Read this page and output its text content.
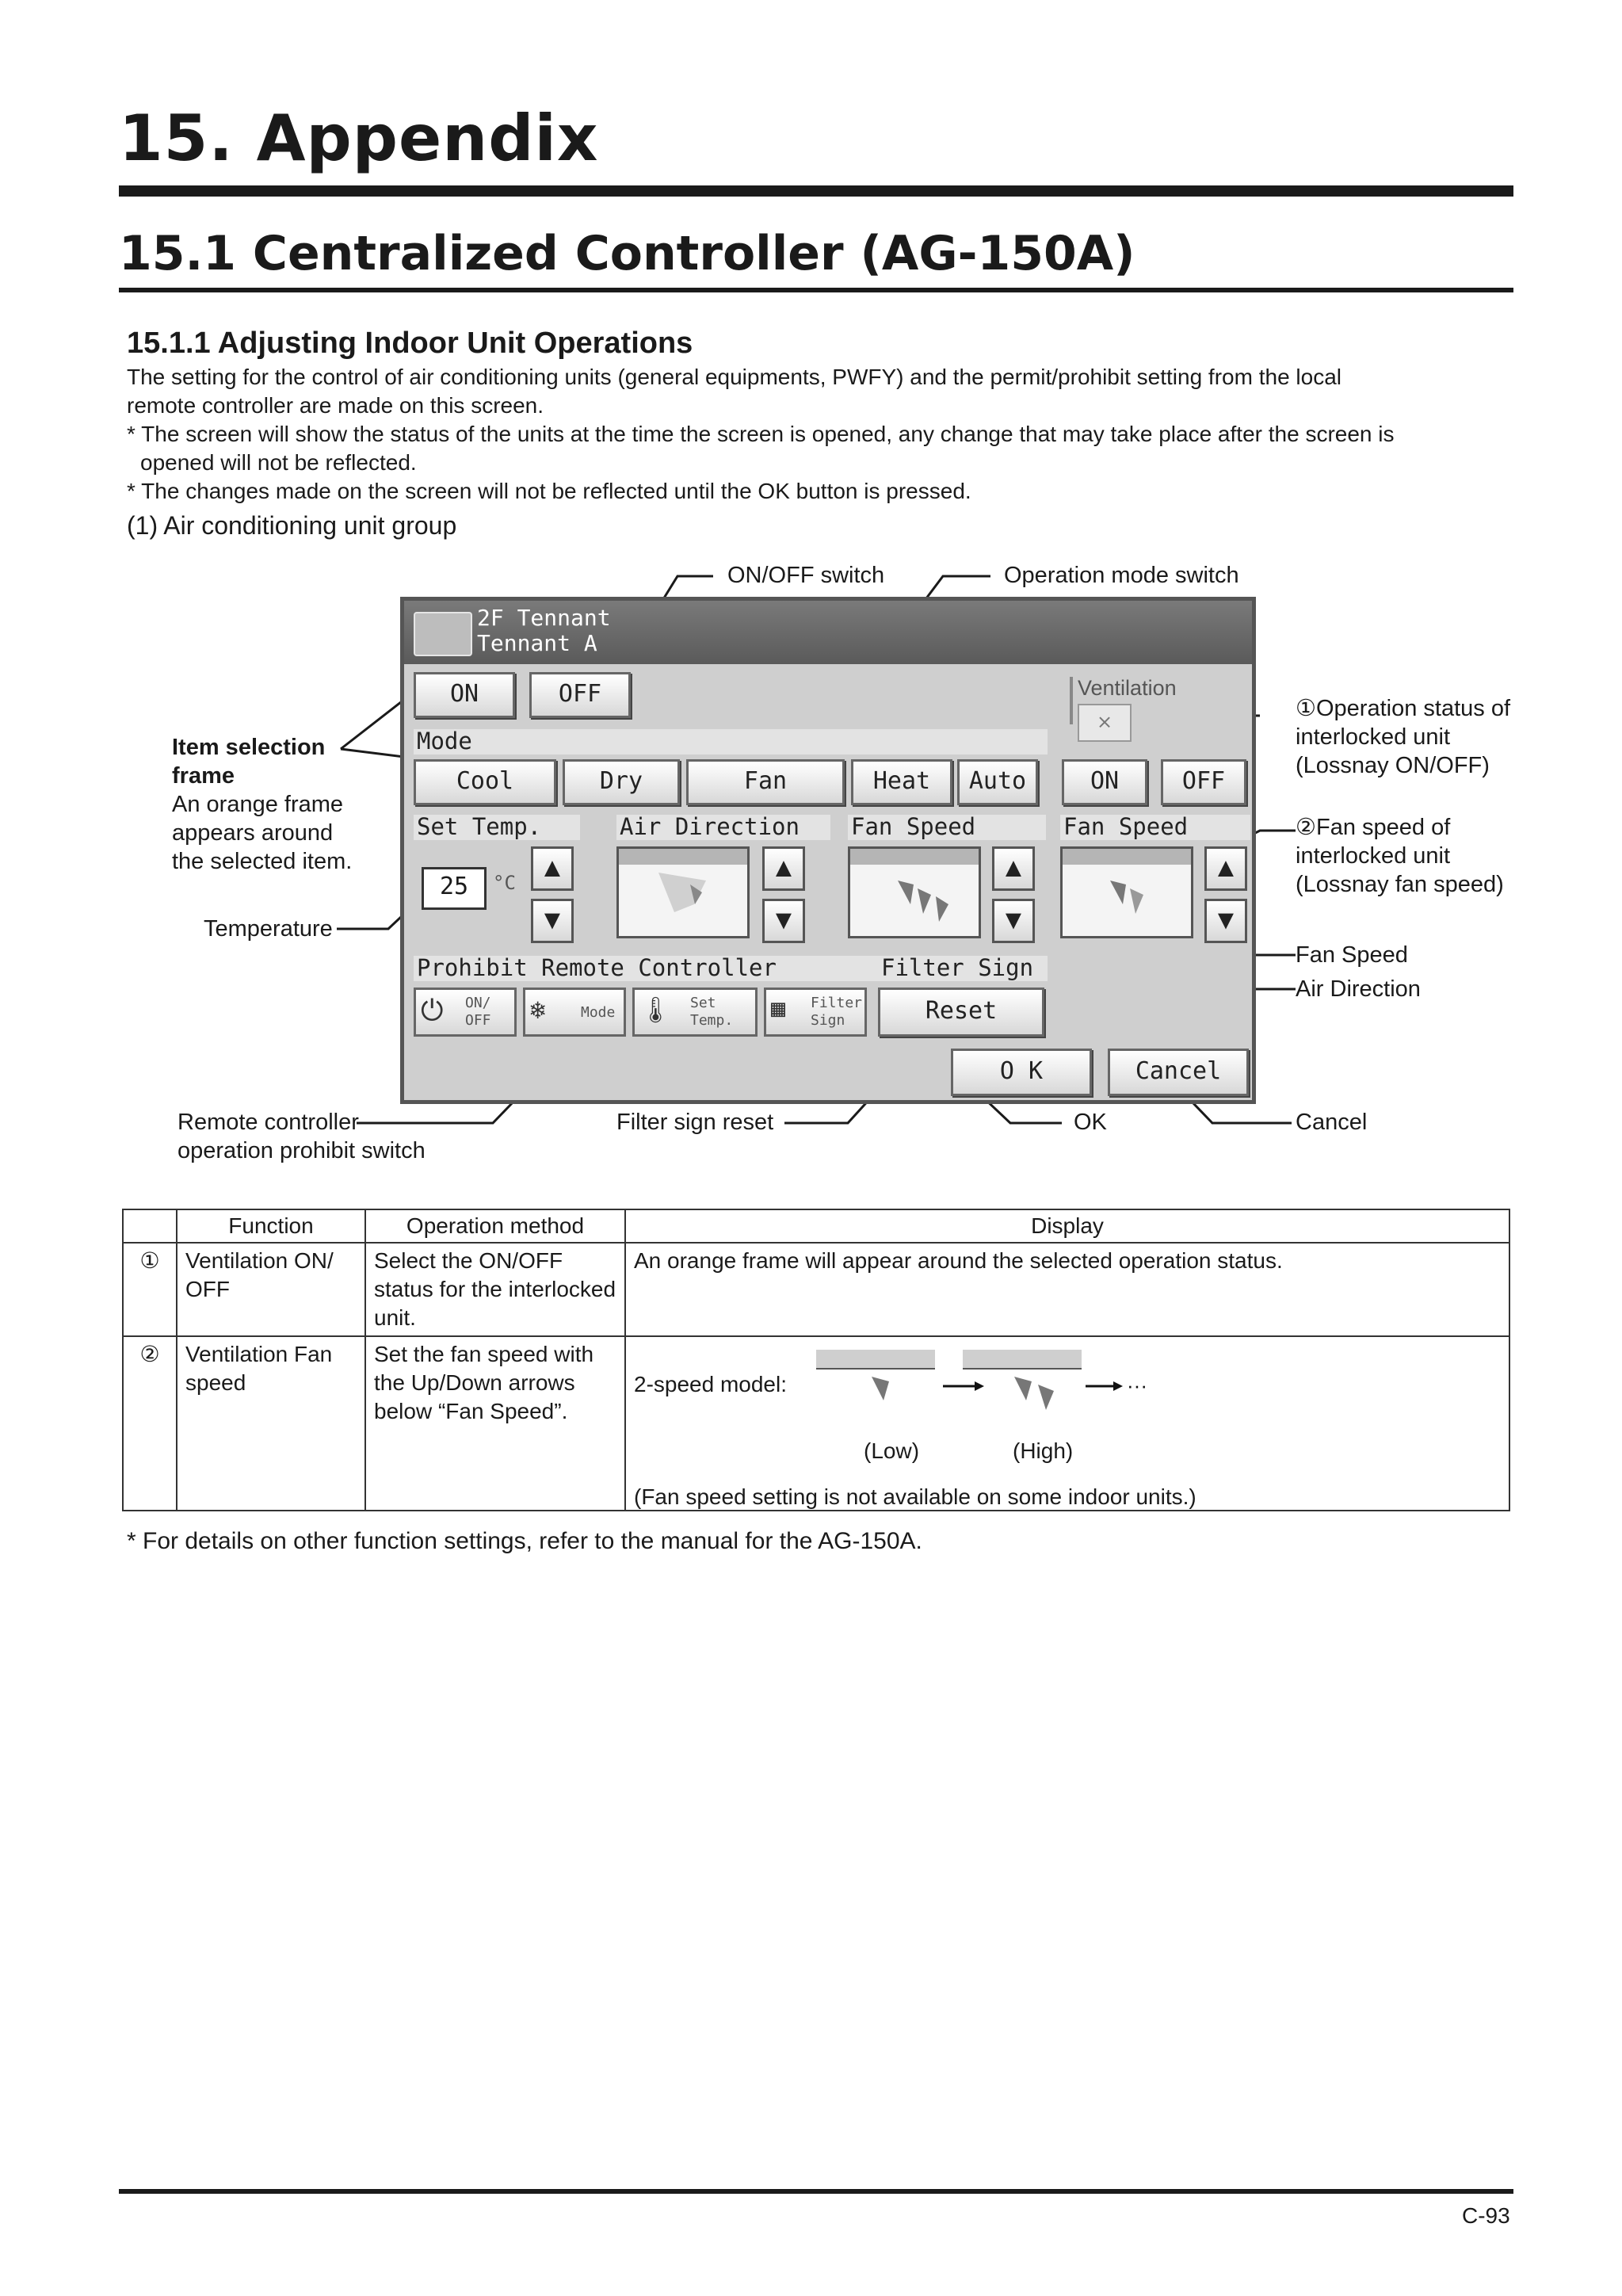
15. Appendix
15.1 Centralized Controller (AG-150A)
15.1.1 Adjusting Indoor Unit Operations
The setting for the control of air conditioning units (general equipments, PWFY) and the permit/prohibit setting from the local
remote controller are made on this screen.
* The screen will show the status of the units at the time the screen is opened, any change that may take place after the screen is
opened will not be reflected.
* The changes made on the screen will not be reflected until the OK button is pressed.
(1) Air conditioning unit group
ON/OFF switch	Operation mode switch
Item selection
frame
An orange frame
appears around
the selected item.
Temperature
①Operation status of
interlocked unit
(Lossnay ON/OFF)
②Fan speed of
interlocked unit
(Lossnay fan speed)
Fan Speed
Air Direction
Remote controller
operation prohibit switch
Filter sign reset	OK	Cancel
2F Tennant
Tennant A
ON	OFF
Mode
Cool	Dry	Fan	Heat	Auto
Ventilation
⨯
ON	OFF
Set Temp.	Air Direction Fan Speed	Fan Speed
25	°C ▲
▼
▲
▼
▲
▼
▲
▼
Prohibit Remote Controller	Filter Sign
⏻ ON/
OFF ❄ Mode 🌡 Set
Temp. ▦ Filter
Sign	Reset
O K	Cancel
	Function	Operation method	Display
①	Ventilation ON/ OFF	Select the ON/OFF status for the interlocked unit.	An orange frame will appear around the selected operation status.
②	Ventilation Fan speed	Set the fan speed with the Up/Down arrows below “Fan Speed”.	2-speed model: ···
(Low) (High)
(Fan speed setting is not available on some indoor units.)
* For details on other function settings, refer to the manual for the AG-150A.
C-93
